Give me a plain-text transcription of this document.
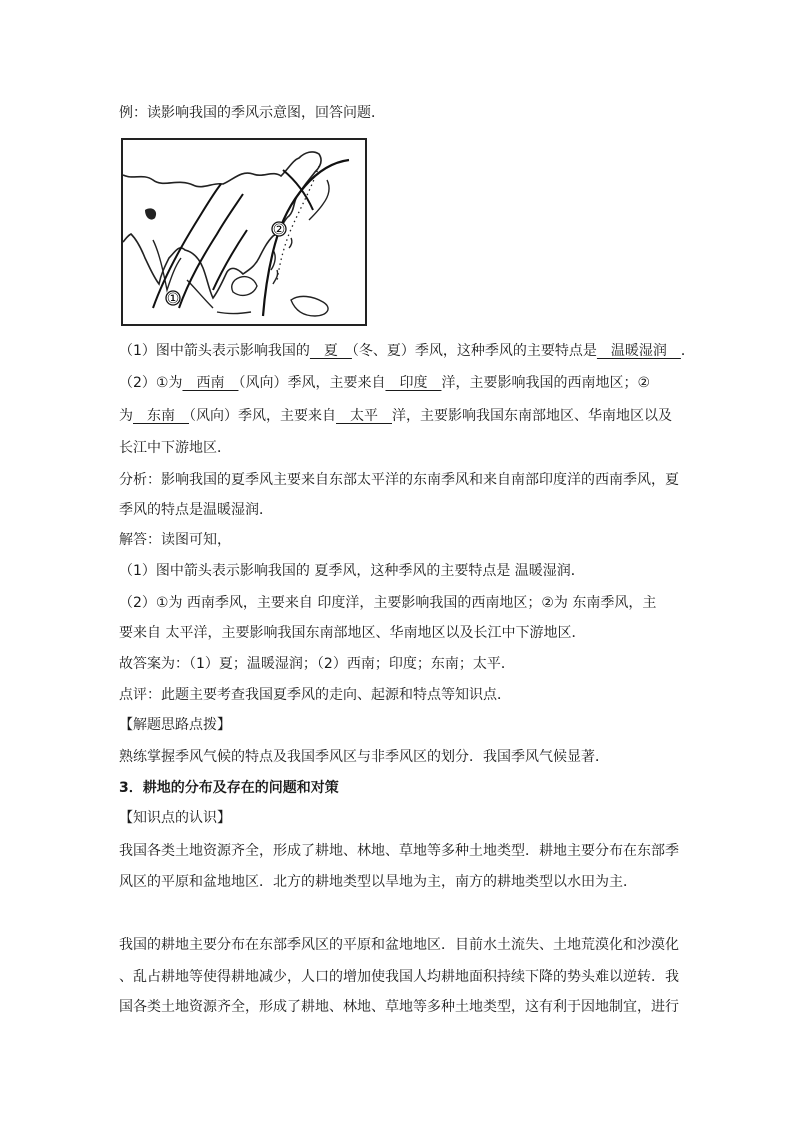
例：读影响我国的季风示意图，回答问题．
①
②
（1）图中箭头表示影响我国的　夏　（冬、夏）季风，这种季风的主要特点是　温暖湿润　．
（2）①为　西南　（风向）季风，主要来自　印度　洋，主要影响我国的西南地区；②
为　东南　（风向）季风，主要来自　太平　洋，主要影响我国东南部地区、华南地区以及
长江中下游地区．
分析：影响我国的夏季风主要来自东部太平洋的东南季风和来自南部印度洋的西南季风，夏
季风的特点是温暖湿润．
解答：读图可知，
（1）图中箭头表示影响我国的 夏季风，这种季风的主要特点是 温暖湿润．
（2）①为 西南季风，主要来自 印度洋，主要影响我国的西南地区；②为 东南季风，主
要来自 太平洋，主要影响我国东南部地区、华南地区以及长江中下游地区．
故答案为：（1）夏；温暖湿润；（2）西南；印度；东南；太平．
点评：此题主要考查我国夏季风的走向、起源和特点等知识点．
【解题思路点拨】
熟练掌握季风气候的特点及我国季风区与非季风区的划分．我国季风气候显著．
3．耕地的分布及存在的问题和对策
【知识点的认识】
我国各类土地资源齐全，形成了耕地、林地、草地等多种土地类型．耕地主要分布在东部季
风区的平原和盆地地区．北方的耕地类型以旱地为主，南方的耕地类型以水田为主．
我国的耕地主要分布在东部季风区的平原和盆地地区．目前水土流失、土地荒漠化和沙漠化
、乱占耕地等使得耕地减少，人口的增加使我国人均耕地面积持续下降的势头难以逆转．我
国各类土地资源齐全，形成了耕地、林地、草地等多种土地类型，这有利于因地制宜，进行
